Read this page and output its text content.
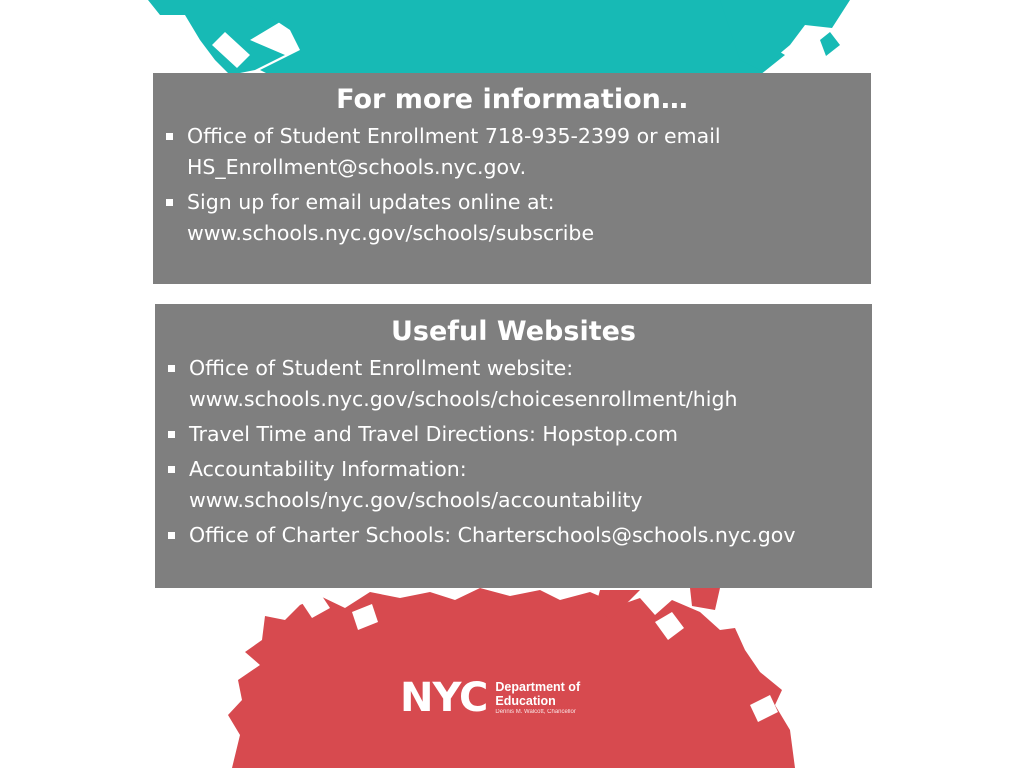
For more information…
Office of Student Enrollment 718-935-2399 or email
HS_Enrollment@schools.nyc.gov.
Sign up for email updates online at:
www.schools.nyc.gov/schools/subscribe
Useful Websites
Office of Student Enrollment website:
www.schools.nyc.gov/schools/choicesenrollment/high
Travel Time and Travel Directions: Hopstop.com
Accountability Information:
www.schools/nyc.gov/schools/accountability
Office of Charter Schools: Charterschools@schools.nyc.gov
NYC Department of
Education
Dennis M. Walcott, Chancellor
